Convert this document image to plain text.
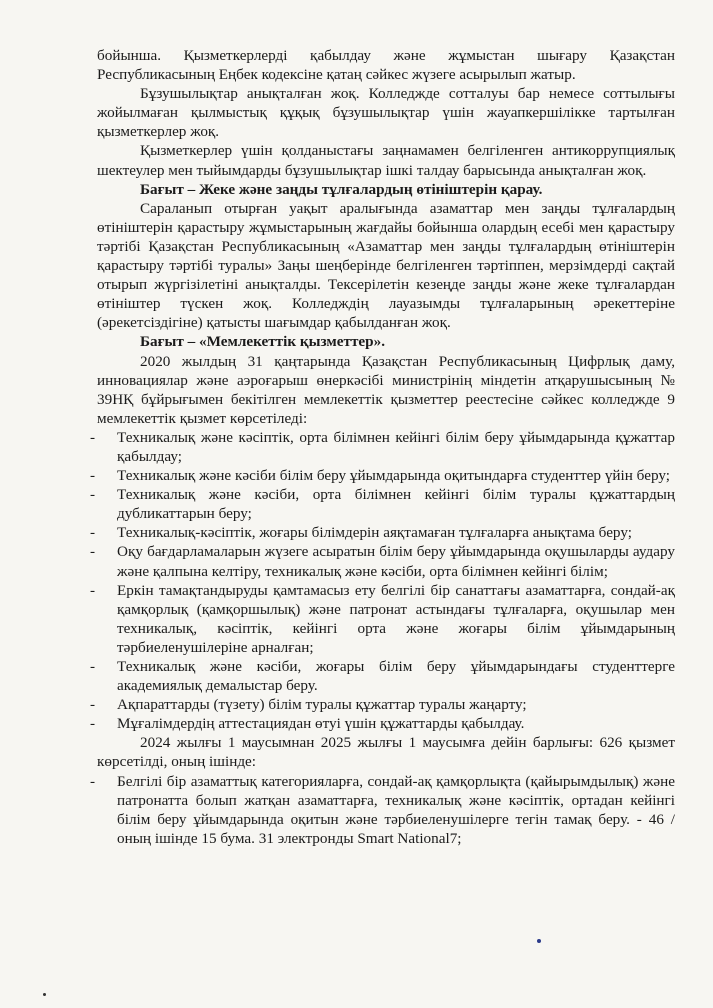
бойынша. Қызметкерлерді қабылдау және жұмыстан шығару Қазақстан Республикасының Еңбек кодексіне қатаң сәйкес жүзеге асырылып жатыр.

Бұзушылықтар анықталған жоқ. Колледжде сотталуы бар немесе соттылығы жойылмаған қылмыстық құқық бұзушылықтар үшін жауапкершілікке тартылған қызметкерлер жоқ.

Қызметкерлер үшін қолданыстағы заңнамамен белгіленген антикоррупциялық шектеулер мен тыйымдарды бұзушылықтар ішкі талдау барысында анықталған жоқ.

Бағыт – Жеке және заңды тұлғалардың өтініштерін қарау.

Сараланып отырған уақыт аралығында азаматтар мен заңды тұлғалардың өтініштерін қарастыру жұмыстарының жағдайы бойынша олардың есебі мен қарастыру тәртібі Қазақстан Республикасының «Азаматтар мен заңды тұлғалардың өтініштерін қарастыру тәртібі туралы» Заңы шеңберінде белгіленген тәртіппен, мерзімдерді сақтай отырып жүргізілетіні анықталды. Тексерілетін кезеңде заңды және жеке тұлғалардан өтініштер түскен жоқ. Колледждің лауазымды тұлғаларының әрекеттеріне (әрекетсіздігіне) қатысты шағымдар қабылданған жоқ.

Бағыт – «Мемлекеттік қызметтер».

2020 жылдың 31 қаңтарында Қазақстан Республикасының Цифрлық даму, инновациялар және аэроғарыш өнеркәсібі министрінің міндетін атқарушысының № 39НҚ бұйрығымен бекітілген мемлекеттік қызметтер реестесіне сәйкес колледжде 9 мемлекеттік қызмет көрсетіледі:

- Техникалық және кәсіптік, орта білімнен кейінгі білім беру ұйымдарында құжаттар қабылдау;

- Техникалық және кәсіби білім беру ұйымдарында оқитындарға студенттер үйін беру;

- Техникалық және кәсіби, орта білімнен кейінгі білім туралы құжаттардың дубликаттарын беру;

- Техникалық-кәсіптік, жоғары білімдерін аяқтамаған тұлғаларға анықтама беру;

- Оқу бағдарламаларын жүзеге асыратын білім беру ұйымдарында оқушыларды аудару және қалпына келтіру, техникалық және кәсіби, орта білімнен кейінгі білім;

- Еркін тамақтандыруды қамтамасыз ету белгілі бір санаттағы азаматтарға, сондай-ақ қамқорлық (қамқоршылық) және патронат астындағы тұлғаларға, оқушылар мен техникалық, кәсіптік, кейінгі орта және жоғары білім ұйымдарының тәрбиеленушілеріне арналған;

- Техникалық және кәсіби, жоғары білім беру ұйымдарындағы студенттерге академиялық демалыстар беру.

- Ақпараттарды (түзету) білім туралы құжаттар туралы жаңарту;

- Мұғалімдердің аттестациядан өтуі үшін құжаттарды қабылдау.

2024 жылғы 1 маусымнан 2025 жылғы 1 маусымға дейін барлығы: 626 қызмет көрсетілді, оның ішінде:

- Белгілі бір азаматтық категорияларға, сондай-ақ қамқорлықта (қайырымдылық) және патронатта болып жатқан азаматтарға, техникалық және кәсіптік, ортадан кейінгі білім беру ұйымдарында оқитын және тәрбиеленушілерге тегін тамақ беру. - 46 / оның ішінде 15 бума. 31 электронды Smart National7;
